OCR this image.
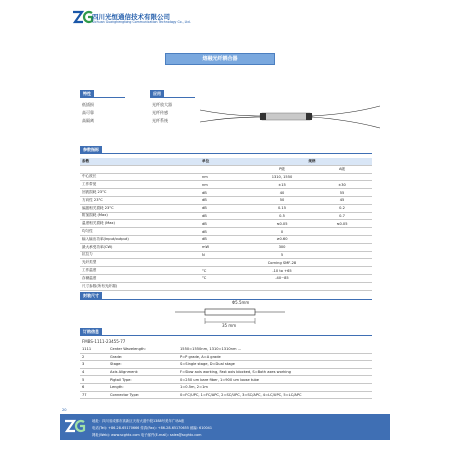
四川光恒通信技术有限公司
Sichuan Guanghengtong Communication Technology Co., Ltd.
熔融光纤耦合器
特性
低插损
高可靠
高隔离
应用
光纤放大器
光纤传感
光纤系统
参数指标
参数	单位	规格	
		P级	A级
中心波长	nm	1310, 1550	
工作带宽	nm	±15	±30
回波损耗 23°C	dB	40	55
方向性 23°C	dB	50	45
偏振相关损耗 23°C	dB	0.15	0.2
附加损耗 (Max)	dB	0.5	0.7
温度相关损耗 (Max)	dB	≤0.05	≤0.05
均匀性	dB	0	
输入输出功率(Input/output)	dB	≥0.60	
最大承受功率(CW)	mW	300	
抗拉力	N	5	
光纤类型		Corning SMF-28	
工作温度	°C	-10 to +65	
存储温度	°C	-40~85	
尺寸参数(所有光纤端)			
封装尺寸
Φ5.5mm
35 mm
订购信息
FMBS-1111-23455-77
1111	Center Wavelength:	1550=1550nm, 1310=1310nm ...
2	Grade:	P=P grade, A=A grade
3	Stage:	S=Single stage, D=Dual stage
4	Axis Alignment:	F=Slow axis working, Fast axis blocked, S=Both axes working
5	Pigtail Type:	0=250 um bare fiber, 1=900 um loose tube
6	Length:	1=0.5m, 2=1m
77	Connector Type:	0=FC/UPC, 1=FC/APC, 2=SC/UPC, 3=SC/APC, 4=LC/UPC, 5=LC/APC
20
地址：四川省成都市高新区天府大道中段1388号美年广场A座
电话(Tel): +86-28-65170666 传真(Fax): +86-28-65170655 邮编: 610041
网址(Web): www.scghtx.com 电子邮件(E-mail): sales@scghtx.com
